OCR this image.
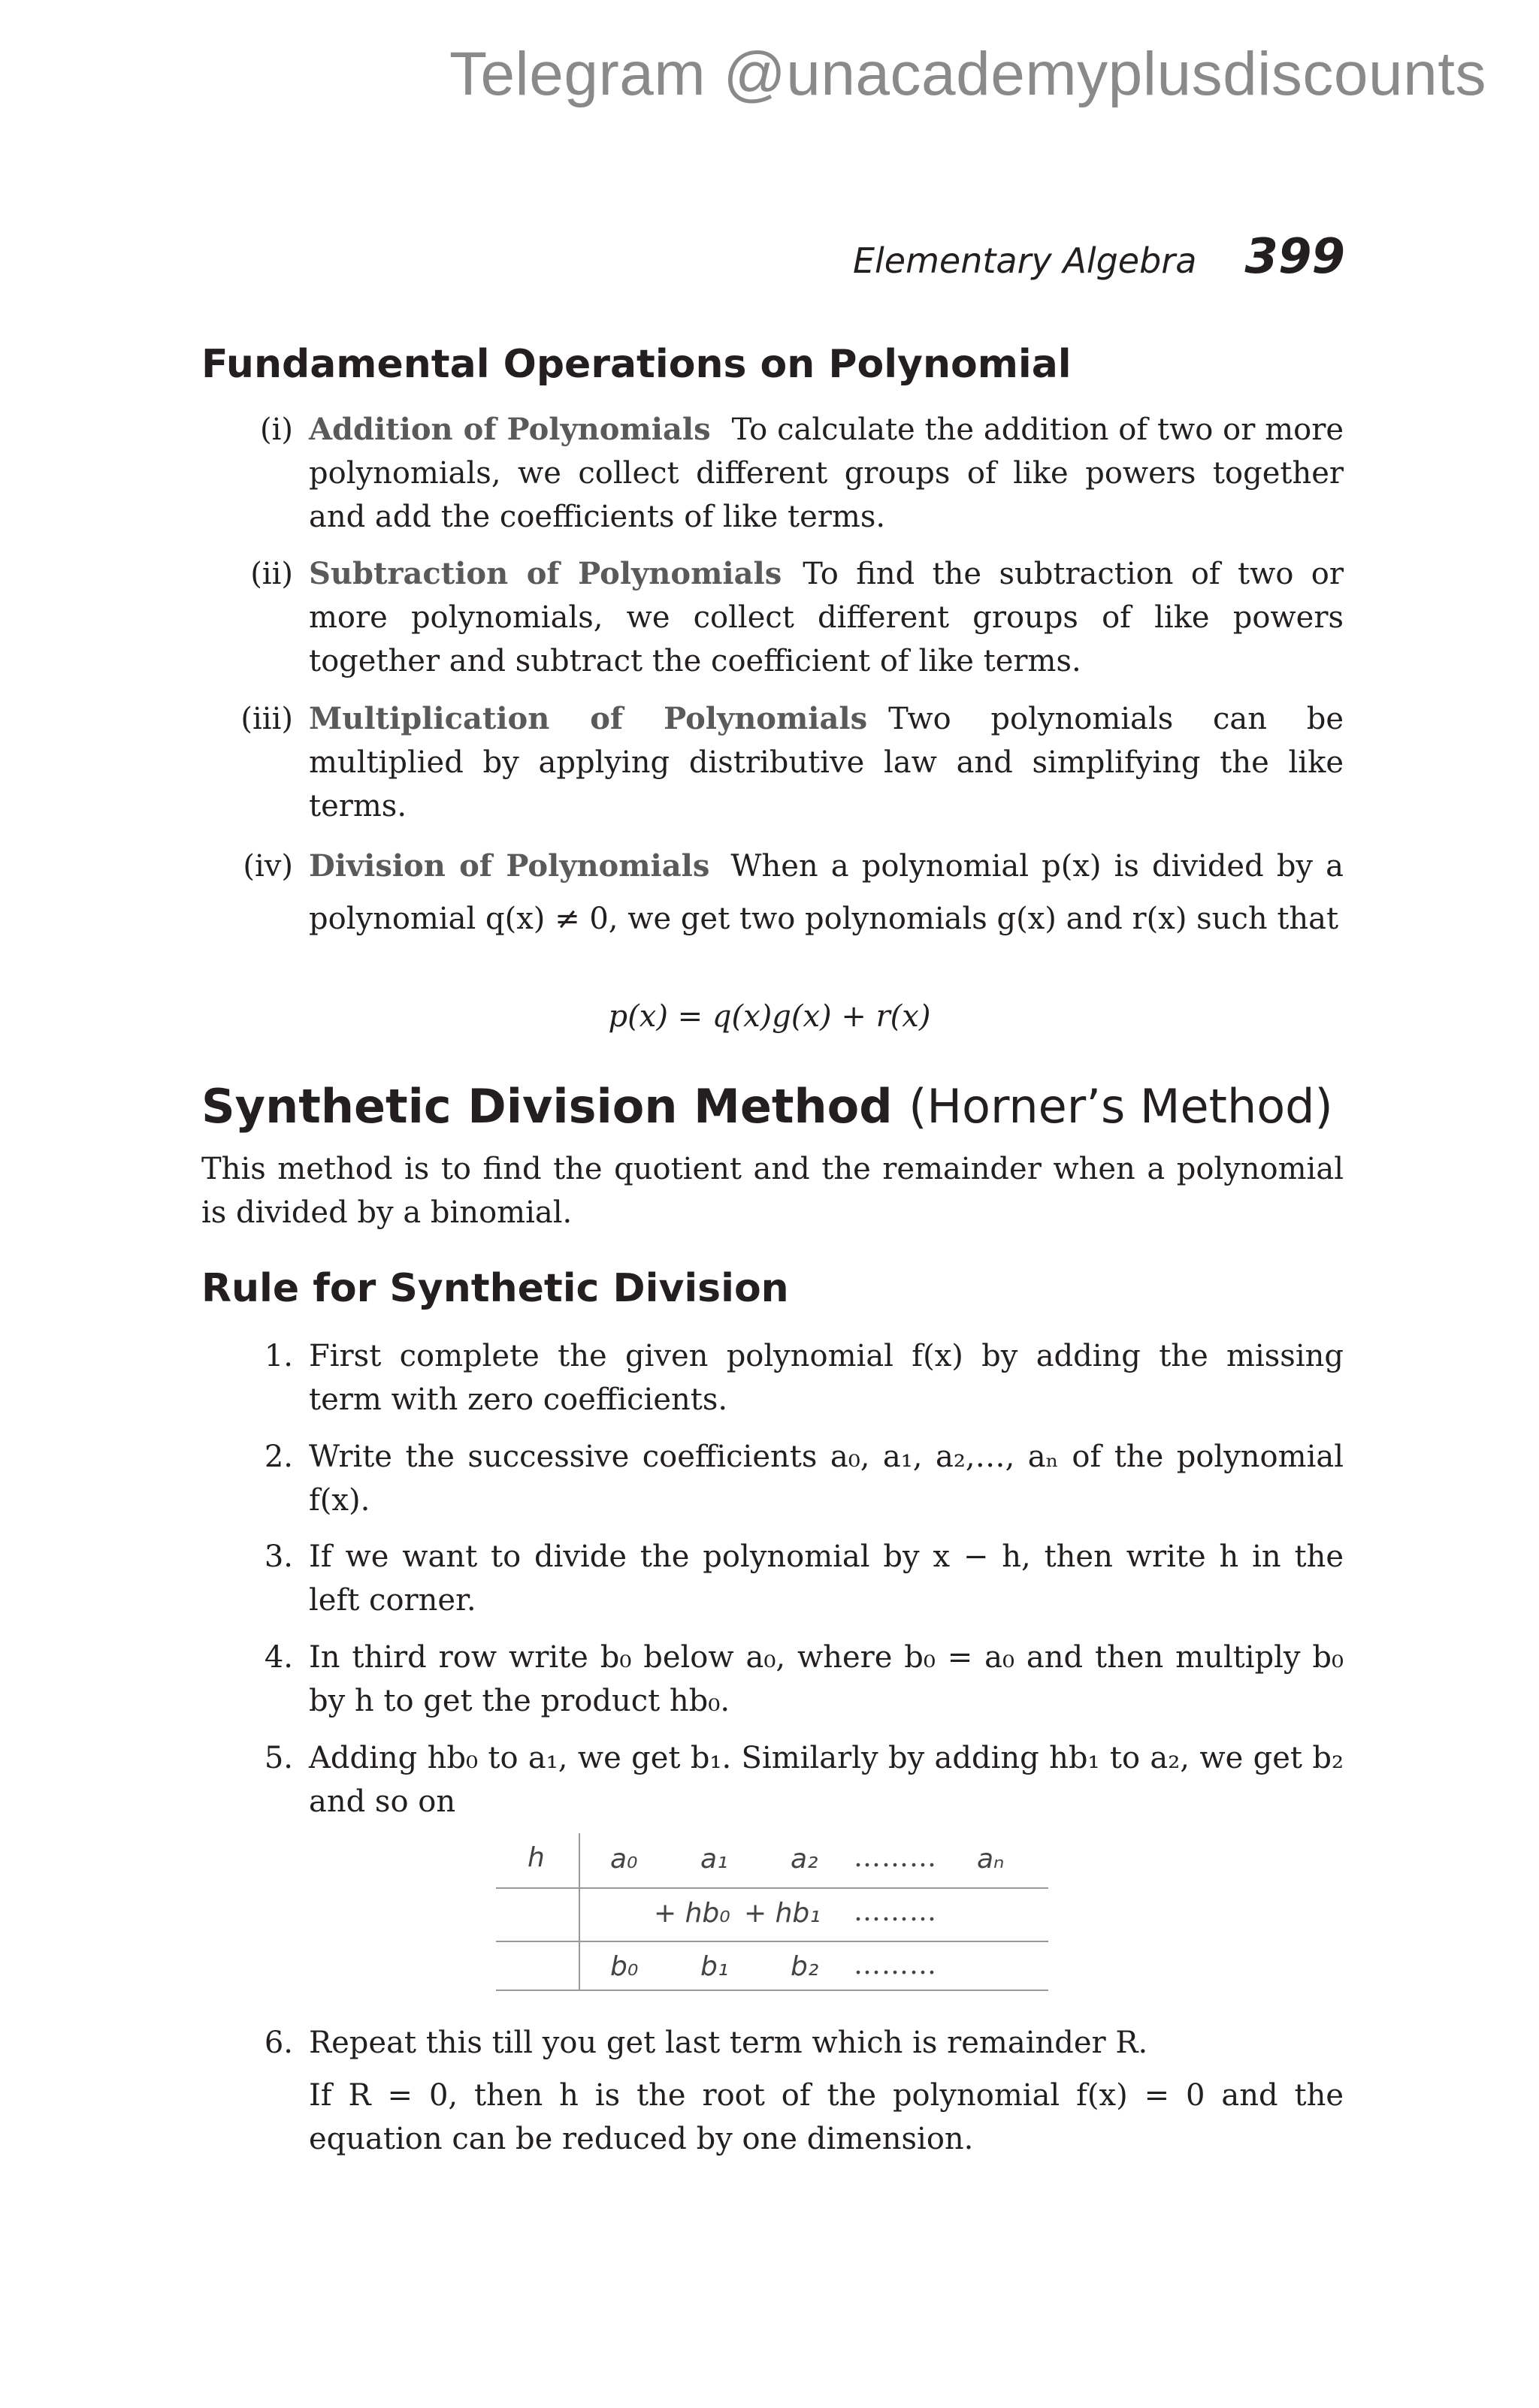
Telegram @unacademyplusdiscounts
Elementary Algebra 399
Fundamental Operations on Polynomial
(i) Addition of Polynomials To calculate the addition of two or more polynomials, we collect different groups of like powers together and add the coefficients of like terms.
(ii) Subtraction of Polynomials To find the subtraction of two or more polynomials, we collect different groups of like powers together and subtract the coefficient of like terms.
(iii) Multiplication of Polynomials Two polynomials can be multiplied by applying distributive law and simplifying the like terms.
(iv) Division of Polynomials When a polynomial p(x) is divided by a polynomial q(x) ≠ 0, we get two polynomials g(x) and r(x) such that
p(x) = q(x)g(x) + r(x)
Synthetic Division Method (Horner’s Method)
This method is to find the quotient and the remainder when a polynomial is divided by a binomial.
Rule for Synthetic Division
1. First complete the given polynomial f(x) by adding the missing term with zero coefficients.
2. Write the successive coefficients a₀, a₁, a₂,…, aₙ of the polynomial f(x).
3. If we want to divide the polynomial by x − h, then write h in the left corner.
4. In third row write b₀ below a₀, where b₀ = a₀ and then multiply b₀ by h to get the product hb₀.
5. Adding hb₀ to a₁, we get b₁. Similarly by adding hb₁ to a₂, we get b₂ and so on
h a₀ a₁ a₂ ……… aₙ
+ hb₀ + hb₁ ………
b₀ b₁ b₂ ………
6. Repeat this till you get last term which is remainder R.
If R = 0, then h is the root of the polynomial f(x) = 0 and the equation can be reduced by one dimension.
